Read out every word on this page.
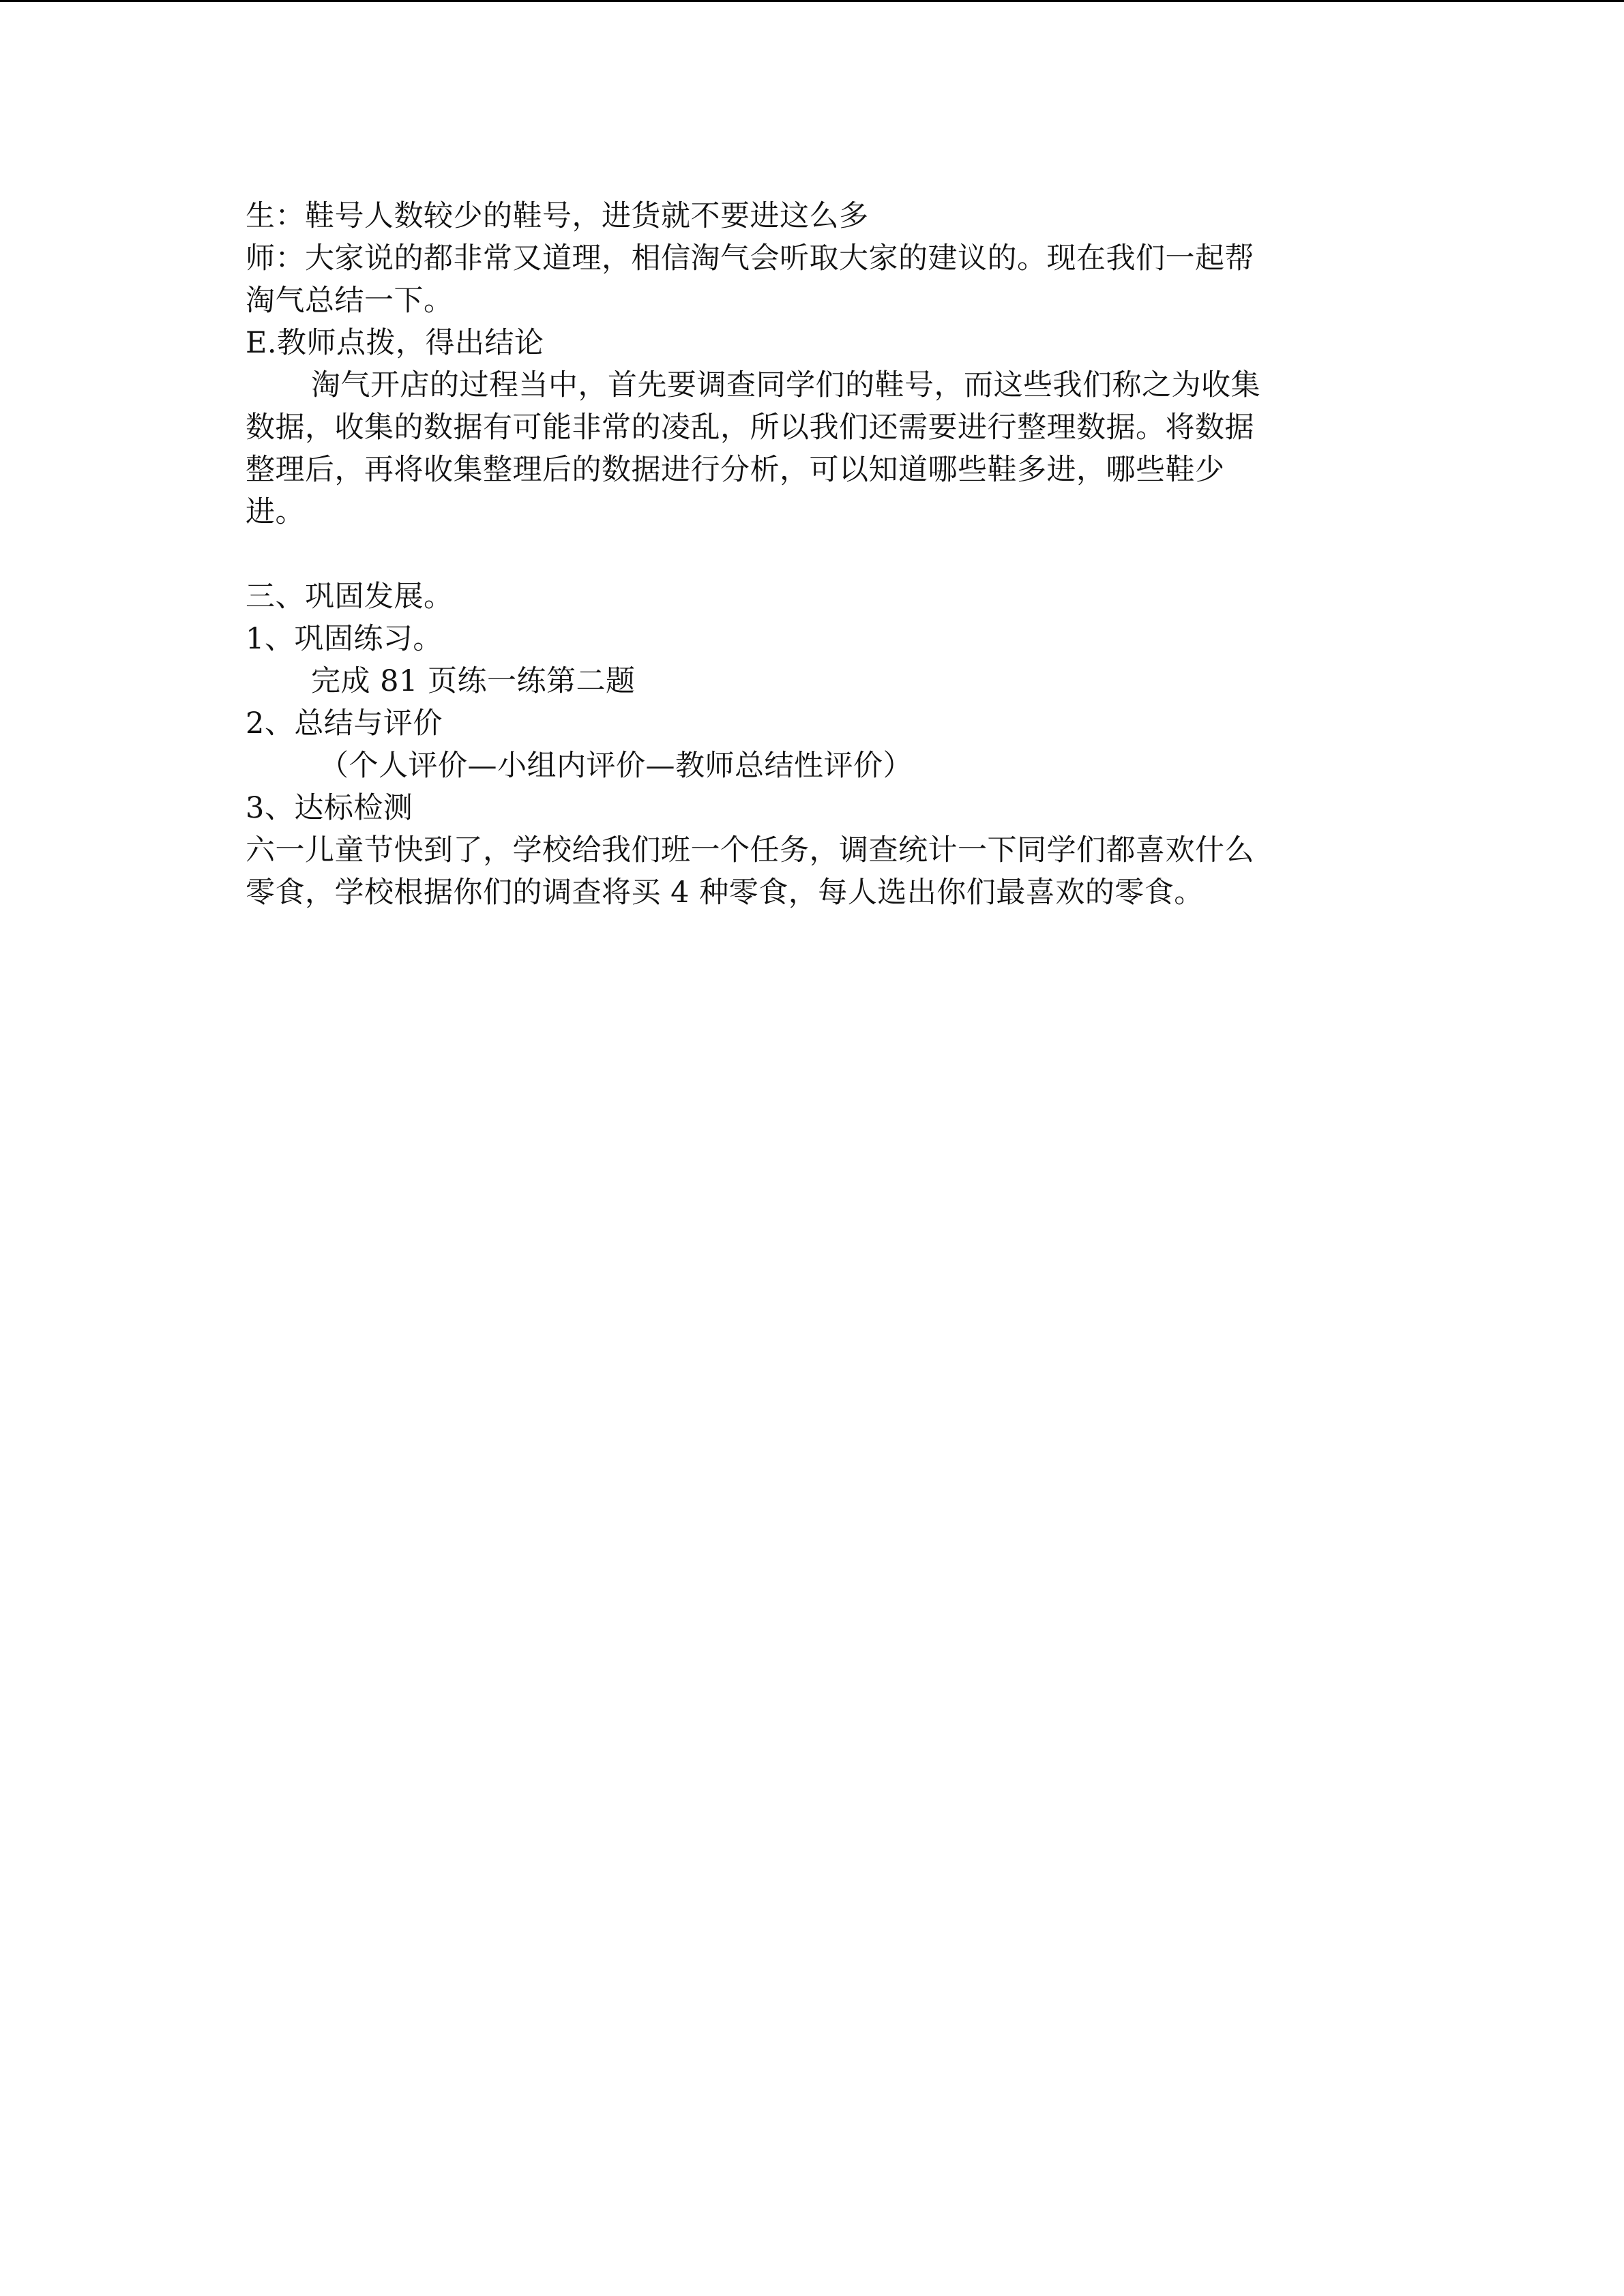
生：鞋号人数较少的鞋号，进货就不要进这么多
师：大家说的都非常又道理，相信淘气会听取大家的建议的。现在我们一起帮
淘气总结一下。
E.教师点拨，得出结论
淘气开店的过程当中，首先要调查同学们的鞋号，而这些我们称之为收集
数据，收集的数据有可能非常的凌乱，所以我们还需要进行整理数据。将数据
整理后，再将收集整理后的数据进行分析，可以知道哪些鞋多进，哪些鞋少
进。
三、巩固发展。
1、巩固练习。
完成 81 页练一练第二题
2、总结与评价
（个人评价—小组内评价—教师总结性评价）
3、达标检测
六一儿童节快到了，学校给我们班一个任务，调查统计一下同学们都喜欢什么
零食，学校根据你们的调查将买 4 种零食，每人选出你们最喜欢的零食。
